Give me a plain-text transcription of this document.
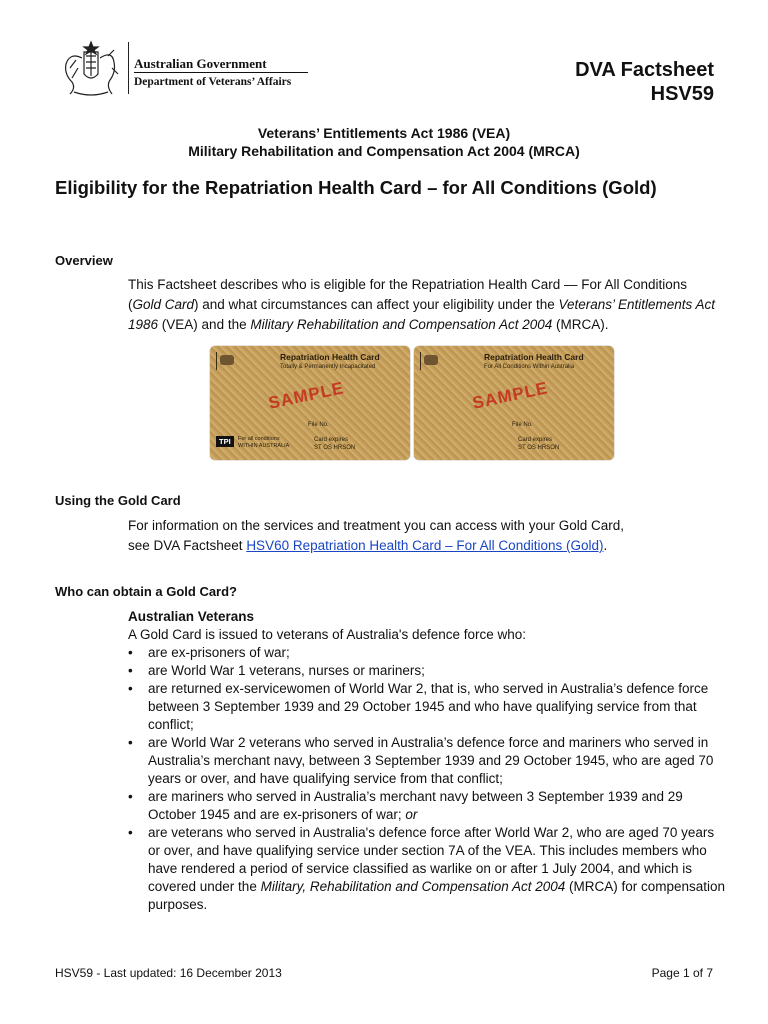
Australian Government
Department of Veterans’ Affairs
DVA Factsheet
HSV59
Veterans’ Entitlements Act 1986 (VEA)
Military Rehabilitation and Compensation Act 2004 (MRCA)
Eligibility for the Repatriation Health Card – for All Conditions (Gold)
Overview
This Factsheet describes who is eligible for the Repatriation Health Card — For All Conditions (Gold Card) and what circumstances can affect your eligibility under the Veterans’ Entitlements Act 1986 (VEA) and the Military Rehabilitation and Compensation Act 2004 (MRCA).
Repatriation Health Card
Totally & Permanently Incapacitated
SAMPLE
File No.
Card expires
ST OS HRSON
TPI	For all conditions
WITHIN AUSTRALIA
Repatriation Health Card
For All Conditions Within Australia
SAMPLE
File No.
Card expires
ST OS HRSON
Using the Gold Card
For information on the services and treatment you can access with your Gold Card, see DVA Factsheet HSV60 Repatriation Health Card – For All Conditions (Gold).
Who can obtain a Gold Card?
Australian Veterans
A Gold Card is issued to veterans of Australia's defence force who:
• are ex-prisoners of war;
• are World War 1 veterans, nurses or mariners;
• are returned ex-servicewomen of World War 2, that is, who served in Australia’s defence force between 3 September 1939 and 29 October 1945 and who have qualifying service from that conflict;
• are World War 2 veterans who served in Australia’s defence force and mariners who served in Australia’s merchant navy, between 3 September 1939 and 29 October 1945, who are aged 70 years or over, and have qualifying service from that conflict;
• are mariners who served in Australia’s merchant navy between 3 September 1939 and 29 October 1945 and are ex-prisoners of war; or
• are veterans who served in Australia's defence force after World War 2, who are aged 70 years or over, and have qualifying service under section 7A of the VEA. This includes members who have rendered a period of service classified as warlike on or after 1 July 2004, and which is covered under the Military, Rehabilitation and Compensation Act 2004 (MRCA) for compensation purposes.
HSV59 - Last updated: 16 December 2013	Page 1 of 7
